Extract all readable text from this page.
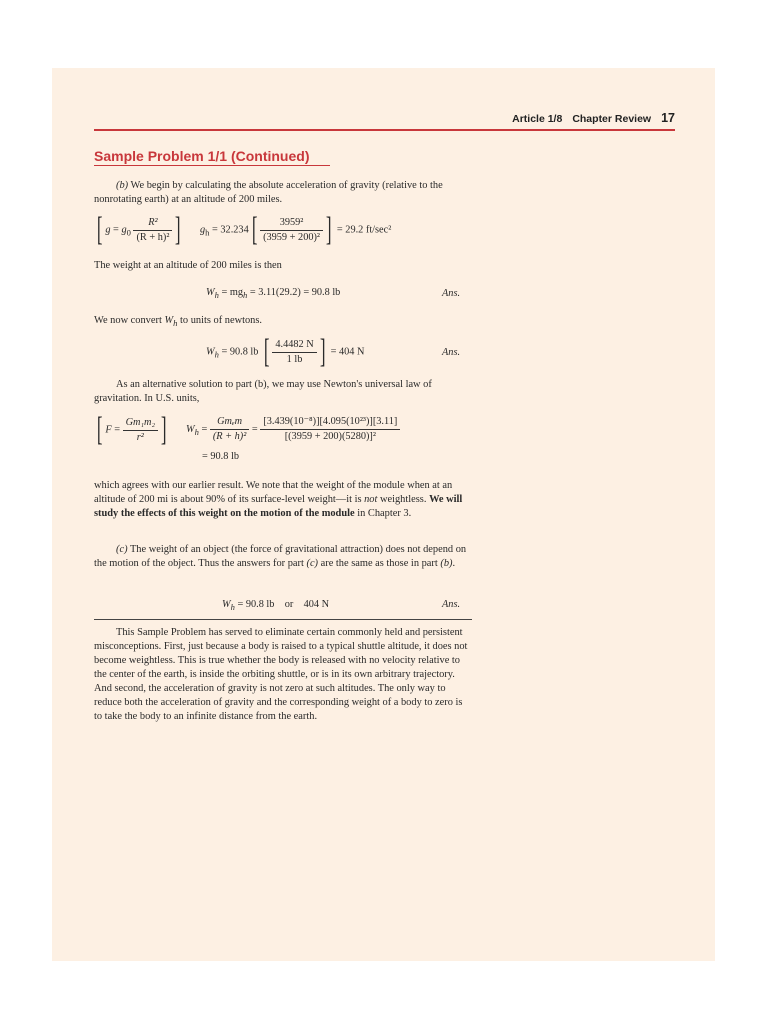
Article 1/8 Chapter Review 17
Sample Problem 1/1 (Continued)
(b) We begin by calculating the absolute acceleration of gravity (relative to the nonrotating earth) at an altitude of 200 miles.
[ $g = g_0 \frac{\text{R²}}{\text{(R + h)²}}$ ] $g_h = 32.234[ \frac{\text{3959²}}{\text{(3959 + 200)²}}$ ] = 29.2 ft/sec²
The weight at an altitude of 200 miles is then
$W_h = mg_h = 3.11(29.2) = 90.8$ lb	Ans.
We now convert $W_h$ to units of newtons.
$W_h = 90.8$ lb [ $\frac{4.4482 N}{1 lb}$ ] = 404 N	Ans.
As an alternative solution to part (b), we may use Newton's universal law of gravitation. In U.S. units,
[ $F = \frac{\text{Gm₁m₂}}{\text{r²}}$ ] $W_h = \frac{\text{Gmₑm}}{\text{(R + h)²}} = \frac{\text{[3.439(10⁻⁸)][4.095(10²³)][3.11]}}{\text{[(3959 + 200)(5280)]²}}$
= 90.8 lb
which agrees with our earlier result. We note that the weight of the module when at an altitude of 200 mi is about 90% of its surface-level weight—it is not weightless. We will study the effects of this weight on the motion of the module in Chapter 3.
(c) The weight of an object (the force of gravitational attraction) does not depend on the motion of the object. Thus the answers for part (c) are the same as those in part (b).
$W_h = 90.8$ lb    or    404 N	Ans.
This Sample Problem has served to eliminate certain commonly held and persistent misconceptions. First, just because a body is raised to a typical shuttle altitude, it does not become weightless. This is true whether the body is released with no velocity relative to the center of the earth, is inside the orbiting shuttle, or is in its own arbitrary trajectory. And second, the acceleration of gravity is not zero at such altitudes. The only way to reduce both the acceleration of gravity and the corresponding weight of a body to zero is to take the body to an infinite distance from the earth.
